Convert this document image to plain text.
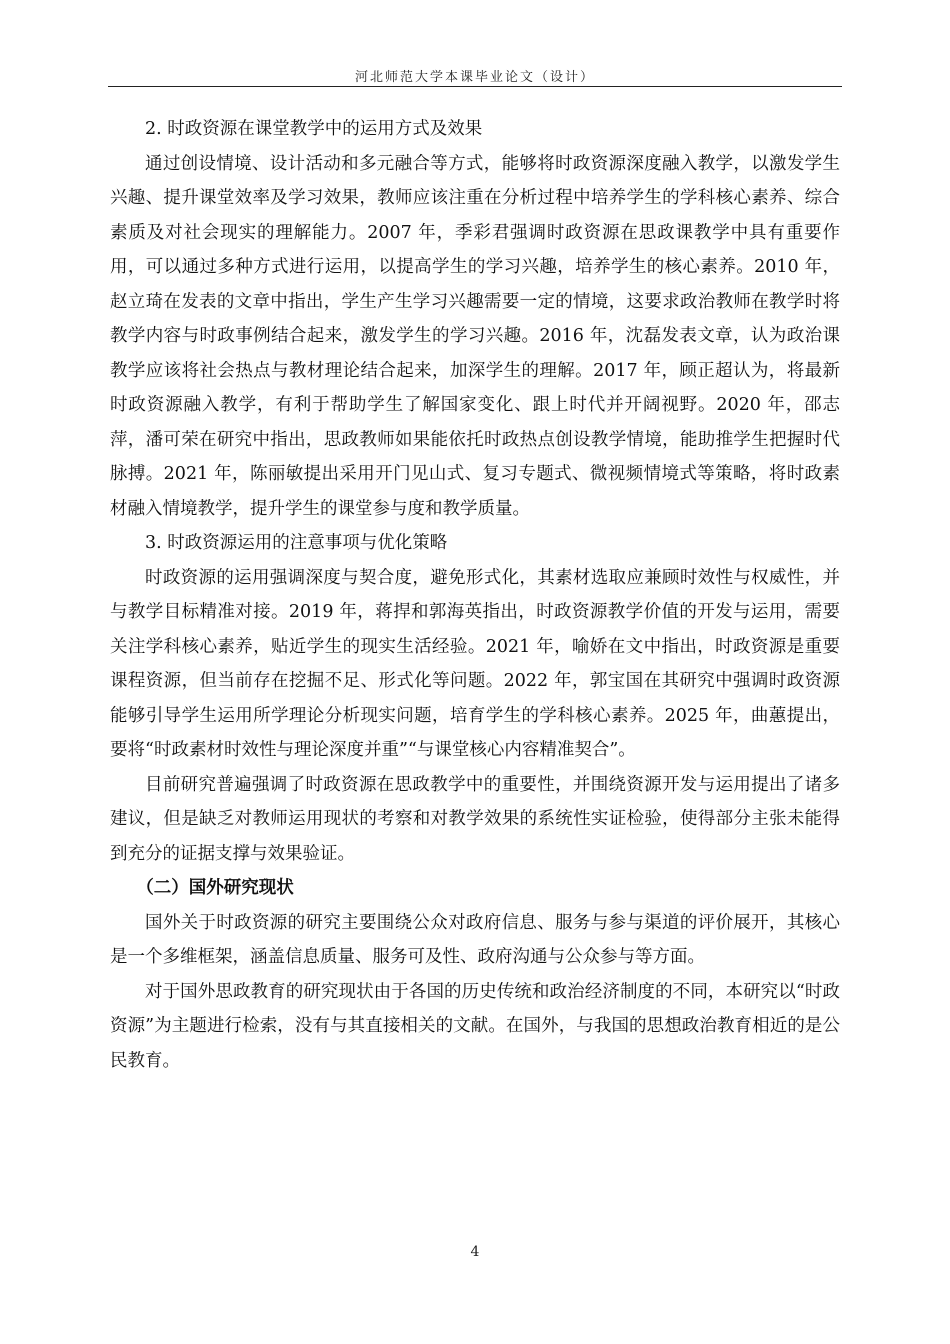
河北师范大学本课毕业论文（设计）

2. 时政资源在课堂教学中的运用方式及效果

通过创设情境、设计活动和多元融合等方式，能够将时政资源深度融入教学，以激发学生兴趣、提升课堂效率及学习效果，教师应该注重在分析过程中培养学生的学科核心素养、综合素质及对社会现实的理解能力。2007 年，季彩君强调时政资源在思政课教学中具有重要作用，可以通过多种方式进行运用，以提高学生的学习兴趣，培养学生的核心素养。2010 年，赵立琦在发表的文章中指出，学生产生学习兴趣需要一定的情境，这要求政治教师在教学时将教学内容与时政事例结合起来，激发学生的学习兴趣。2016 年，沈磊发表文章，认为政治课教学应该将社会热点与教材理论结合起来，加深学生的理解。2017 年，顾正超认为，将最新时政资源融入教学，有利于帮助学生了解国家变化、跟上时代并开阔视野。2020 年，邵志萍，潘可荣在研究中指出，思政教师如果能依托时政热点创设教学情境，能助推学生把握时代脉搏。2021 年，陈丽敏提出采用开门见山式、复习专题式、微视频情境式等策略，将时政素材融入情境教学，提升学生的课堂参与度和教学质量。

3. 时政资源运用的注意事项与优化策略

时政资源的运用强调深度与契合度，避免形式化，其素材选取应兼顾时效性与权威性，并与教学目标精准对接。2019 年，蒋捍和郭海英指出，时政资源教学价值的开发与运用，需要关注学科核心素养，贴近学生的现实生活经验。2021 年，喻娇在文中指出，时政资源是重要课程资源，但当前存在挖掘不足、形式化等问题。2022 年，郭宝国在其研究中强调时政资源能够引导学生运用所学理论分析现实问题，培育学生的学科核心素养。2025 年，曲蕙提出，要将“时政素材时效性与理论深度并重”“与课堂核心内容精准契合”。

目前研究普遍强调了时政资源在思政教学中的重要性，并围绕资源开发与运用提出了诸多建议，但是缺乏对教师运用现状的考察和对教学效果的系统性实证检验，使得部分主张未能得到充分的证据支撑与效果验证。

（二）国外研究现状

国外关于时政资源的研究主要围绕公众对政府信息、服务与参与渠道的评价展开，其核心是一个多维框架，涵盖信息质量、服务可及性、政府沟通与公众参与等方面。

对于国外思政教育的研究现状由于各国的历史传统和政治经济制度的不同，本研究以“时政资源”为主题进行检索，没有与其直接相关的文献。在国外，与我国的思想政治教育相近的是公民教育。

4
